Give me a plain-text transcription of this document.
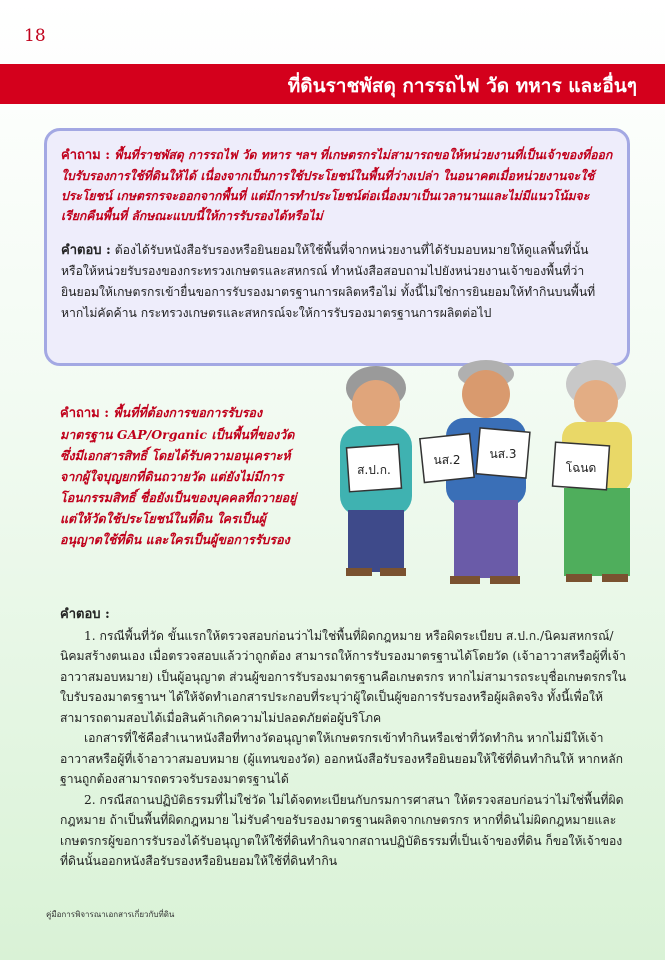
18
ที่ดินราชพัสดุ การรถไฟ วัด ทหาร และอื่นๆ

คำถาม : พื้นที่ราชพัสดุ การรถไฟ วัด ทหาร ฯลฯ ที่เกษตรกรไม่สามารถขอให้หน่วยงานที่เป็นเจ้าของที่ออกใบรับรองการใช้ที่ดินให้ได้ เนื่องจากเป็นการใช้ประโยชน์ในพื้นที่ว่างเปล่า ในอนาคตเมื่อหน่วยงานจะใช้ประโยชน์ เกษตรกรจะออกจากพื้นที่ แต่มีการทำประโยชน์ต่อเนื่องมาเป็นเวลานานและไม่มีแนวโน้มจะเรียกคืนพื้นที่ ลักษณะแบบนี้ให้การรับรองได้หรือไม่

คำตอบ : ต้องได้รับหนังสือรับรองหรือยินยอมให้ใช้พื้นที่จากหน่วยงานที่ได้รับมอบหมายให้ดูแลพื้นที่นั้น หรือให้หน่วยรับรองของกระทรวงเกษตรและสหกรณ์ ทำหนังสือสอบถามไปยังหน่วยงานเจ้าของพื้นที่ว่ายินยอมให้เกษตรกรเข้ายื่นขอการรับรองมาตรฐานการผลิตหรือไม่ ทั้งนี้ไม่ใช่การยินยอมให้ทำกินบนพื้นที่ หากไม่คัดค้าน กระทรวงเกษตรและสหกรณ์จะให้การรับรองมาตรฐานการผลิตต่อไป

คำถาม : พื้นที่ที่ต้องการขอการรับรองมาตรฐาน GAP/Organic เป็นพื้นที่ของวัด ซึ่งมีเอกสารสิทธิ์ โดยได้รับความอนุเคราะห์จากผู้ใจบุญยกที่ดินถวายวัด แต่ยังไม่มีการโอนกรรมสิทธิ์ ชื่อยังเป็นของบุคคลที่ถวายอยู่ แต่ให้วัดใช้ประโยชน์ในที่ดิน ใครเป็นผู้อนุญาตใช้ที่ดิน และใครเป็นผู้ขอการรับรอง

ส.ป.ก.
นส.2 นส.3
โฉนด

คำตอบ :

1. กรณีพื้นที่วัด ขั้นแรกให้ตรวจสอบก่อนว่าไม่ใช่พื้นที่ผิดกฎหมาย หรือผิดระเบียบ ส.ป.ก./นิคมสหกรณ์/นิคมสร้างตนเอง เมื่อตรวจสอบแล้วว่าถูกต้อง สามารถให้การรับรองมาตรฐานได้โดยวัด (เจ้าอาวาสหรือผู้ที่เจ้าอาวาสมอบหมาย) เป็นผู้อนุญาต ส่วนผู้ขอการรับรองมาตรฐานคือเกษตรกร หากไม่สามารถระบุชื่อเกษตรกรในใบรับรองมาตรฐานฯ ได้ให้จัดทำเอกสารประกอบที่ระบุว่าผู้ใดเป็นผู้ขอการรับรองหรือผู้ผลิตจริง ทั้งนี้เพื่อให้สามารถตามสอบได้เมื่อสินค้าเกิดความไม่ปลอดภัยต่อผู้บริโภค

เอกสารที่ใช้คือสำเนาหนังสือที่ทางวัดอนุญาตให้เกษตรกรเข้าทำกินหรือเช่าที่วัดทำกิน หากไม่มีให้เจ้าอาวาสหรือผู้ที่เจ้าอาวาสมอบหมาย (ผู้แทนของวัด) ออกหนังสือรับรองหรือยินยอมให้ใช้ที่ดินทำกินให้ หากหลักฐานถูกต้องสามารถตรวจรับรองมาตรฐานได้

2. กรณีสถานปฏิบัติธรรมที่ไม่ใช่วัด ไม่ได้จดทะเบียนกับกรมการศาสนา ให้ตรวจสอบก่อนว่าไม่ใช่พื้นที่ผิดกฎหมาย ถ้าเป็นพื้นที่ผิดกฎหมาย ไม่รับคำขอรับรองมาตรฐานผลิตจากเกษตรกร หากที่ดินไม่ผิดกฎหมายและเกษตรกรผู้ขอการรับรองได้รับอนุญาตให้ใช้ที่ดินทำกินจากสถานปฏิบัติธรรมที่เป็นเจ้าของที่ดิน ก็ขอให้เจ้าของที่ดินนั้นออกหนังสือรับรองหรือยินยอมให้ใช้ที่ดินทำกิน

คู่มือการพิจารณาเอกสารเกี่ยวกับที่ดิน
